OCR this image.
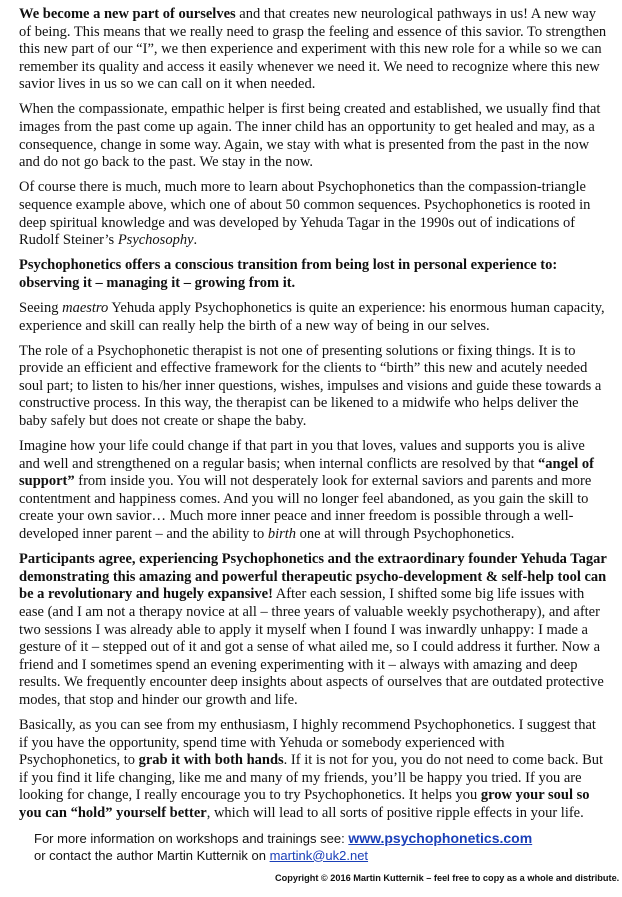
We become a new part of ourselves and that creates new neurological pathways in us! A new way of being. This means that we really need to grasp the feeling and essence of this savior. To strengthen this new part of our “I”, we then experience and experiment with this new role for a while so we can remember its quality and access it easily whenever we need it. We need to recognize where this new savior lives in us so we can call on it when needed.

When the compassionate, empathic helper is first being created and established, we usually find that images from the past come up again. The inner child has an opportunity to get healed and may, as a consequence, change in some way. Again, we stay with what is presented from the past in the now and do not go back to the past. We stay in the now.

Of course there is much, much more to learn about Psychophonetics than the compassion-triangle sequence example above, which one of about 50 common sequences. Psychophonetics is rooted in deep spiritual knowledge and was developed by Yehuda Tagar in the 1990s out of indications of Rudolf Steiner’s Psychosophy.

Psychophonetics offers a conscious transition from being lost in personal experience to: observing it – managing it – growing from it.

Seeing maestro Yehuda apply Psychophonetics is quite an experience: his enormous human capacity, experience and skill can really help the birth of a new way of being in our selves.

The role of a Psychophonetic therapist is not one of presenting solutions or fixing things. It is to provide an efficient and effective framework for the clients to “birth” this new and acutely needed soul part; to listen to his/her inner questions, wishes, impulses and visions and guide these towards a constructive process. In this way, the therapist can be likened to a midwife who helps deliver the baby safely but does not create or shape the baby.

Imagine how your life could change if that part in you that loves, values and supports you is alive and well and strengthened on a regular basis; when internal conflicts are resolved by that “angel of support” from inside you. You will not desperately look for external saviors and parents and more contentment and happiness comes. And you will no longer feel abandoned, as you gain the skill to create your own savior… Much more inner peace and inner freedom is possible through a well-developed inner parent – and the ability to birth one at will through Psychophonetics.

Participants agree, experiencing Psychophonetics and the extraordinary founder Yehuda Tagar demonstrating this amazing and powerful therapeutic psycho-development & self-help tool can be a revolutionary and hugely expansive! After each session, I shifted some big life issues with ease (and I am not a therapy novice at all – three years of valuable weekly psychotherapy), and after two sessions I was already able to apply it myself when I found I was inwardly unhappy: I made a gesture of it – stepped out of it and got a sense of what ailed me, so I could address it further. Now a friend and I sometimes spend an evening experimenting with it – always with amazing and deep results. We frequently encounter deep insights about aspects of ourselves that are outdated protective modes, that stop and hinder our growth and life.

Basically, as you can see from my enthusiasm, I highly recommend Psychophonetics. I suggest that if you have the opportunity, spend time with Yehuda or somebody experienced with Psychophonetics, to grab it with both hands. If it is not for you, you do not need to come back. But if you find it life changing, like me and many of my friends, you’ll be happy you tried. If you are looking for change, I really encourage you to try Psychophonetics. It helps you grow your soul so you can “hold” yourself better, which will lead to all sorts of positive ripple effects in your life.

For more information on workshops and trainings see: www.psychophonetics.com
or contact the author Martin Kutternik on martink@uk2.net
Copyright © 2016 Martin Kutternik – feel free to copy as a whole and distribute.
